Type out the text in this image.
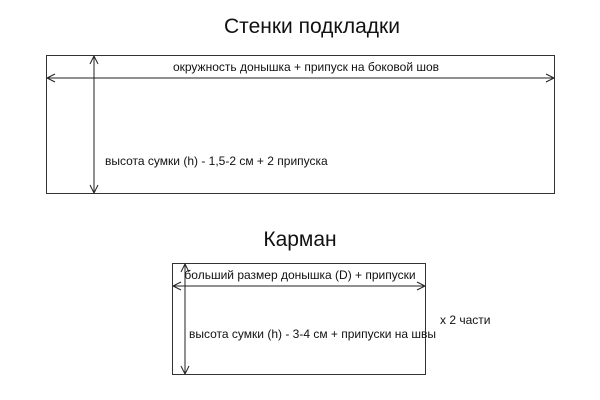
Стенки подкладки
окружность донышка + припуск на боковой шов
высота сумки (h) - 1,5-2 см + 2 припуска
Карман
больший размер донышка (D) + припуски
высота сумки (h) - 3-4 см + припуски на швы
x 2 части
